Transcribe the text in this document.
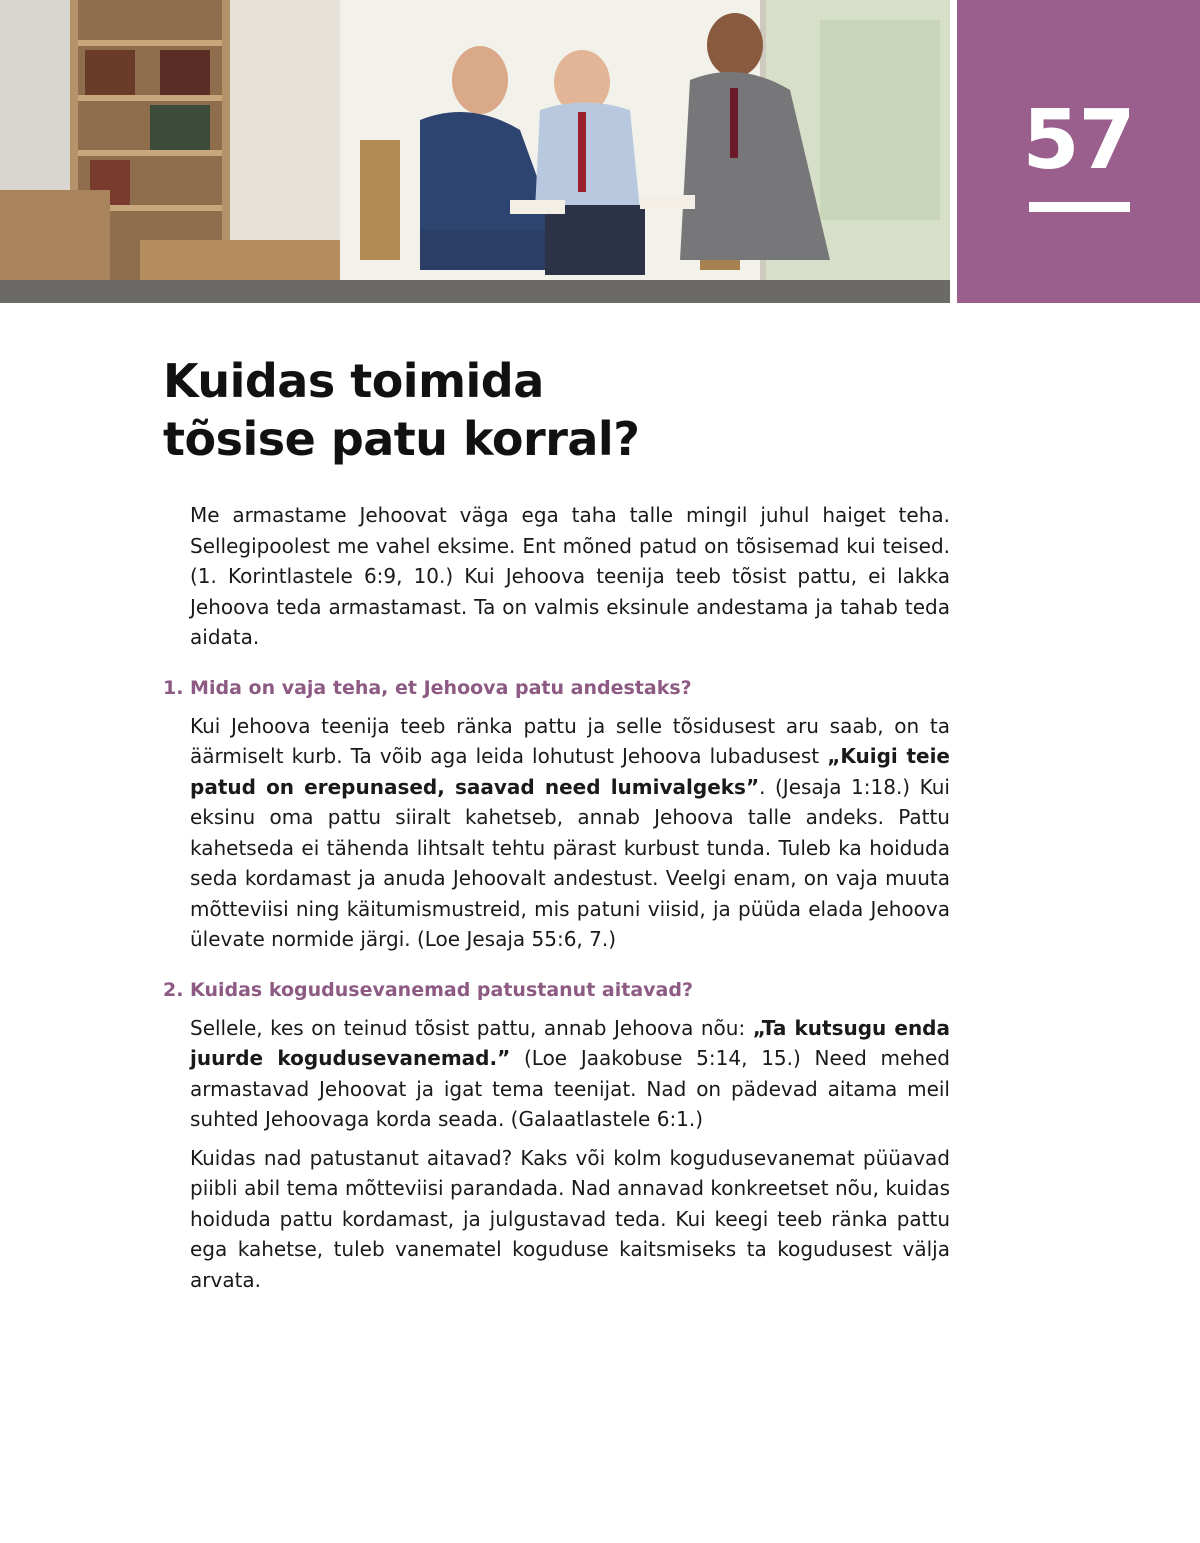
57
Kuidas toimida
tõsise patu korral?

Me armastame Jehoovat väga ega taha talle mingil juhul haiget teha. Sellegipoolest me vahel eksime. Ent mõned patud on tõsisemad kui teised. (1. Korintlastele 6:9, 10.) Kui Jehoova teenija teeb tõsist pattu, ei lakka Jehoova teda armastamast. Ta on valmis eksinule andestama ja tahab teda aidata.

1. Mida on vaja teha, et Jehoova patu andestaks?

Kui Jehoova teenija teeb ränka pattu ja selle tõsidusest aru saab, on ta äärmiselt kurb. Ta võib aga leida lohutust Jehoova lubadusest „Kuigi teie patud on erepunased, saavad need lumivalgeks”. (Jesaja 1:18.) Kui eksinu oma pattu siiralt kahetseb, annab Jehoova talle andeks. Pattu kahetseda ei tähenda lihtsalt tehtu pärast kurbust tunda. Tuleb ka hoiduda seda kordamast ja anuda Jehoovalt andestust. Veelgi enam, on vaja muuta mõtteviisi ning käitumismustreid, mis patuni viisid, ja püüda elada Jehoova ülevate normide järgi. (Loe Jesaja 55:6, 7.)

2. Kuidas kogudusevanemad patustanut aitavad?

Sellele, kes on teinud tõsist pattu, annab Jehoova nõu: „Ta kutsugu enda juurde kogudusevanemad.” (Loe Jaakobuse 5:14, 15.) Need mehed armastavad Jehoovat ja igat tema teenijat. Nad on pädevad aitama meil suhted Jehoovaga korda seada. (Galaatlastele 6:1.)

Kuidas nad patustanut aitavad? Kaks või kolm kogudusevanemat püüavad piibli abil tema mõtteviisi parandada. Nad annavad konkreetset nõu, kuidas hoiduda pattu kordamast, ja julgustavad teda. Kui keegi teeb ränka pattu ega kahetse, tuleb vanematel koguduse kaitsmiseks ta kogudusest välja arvata.
